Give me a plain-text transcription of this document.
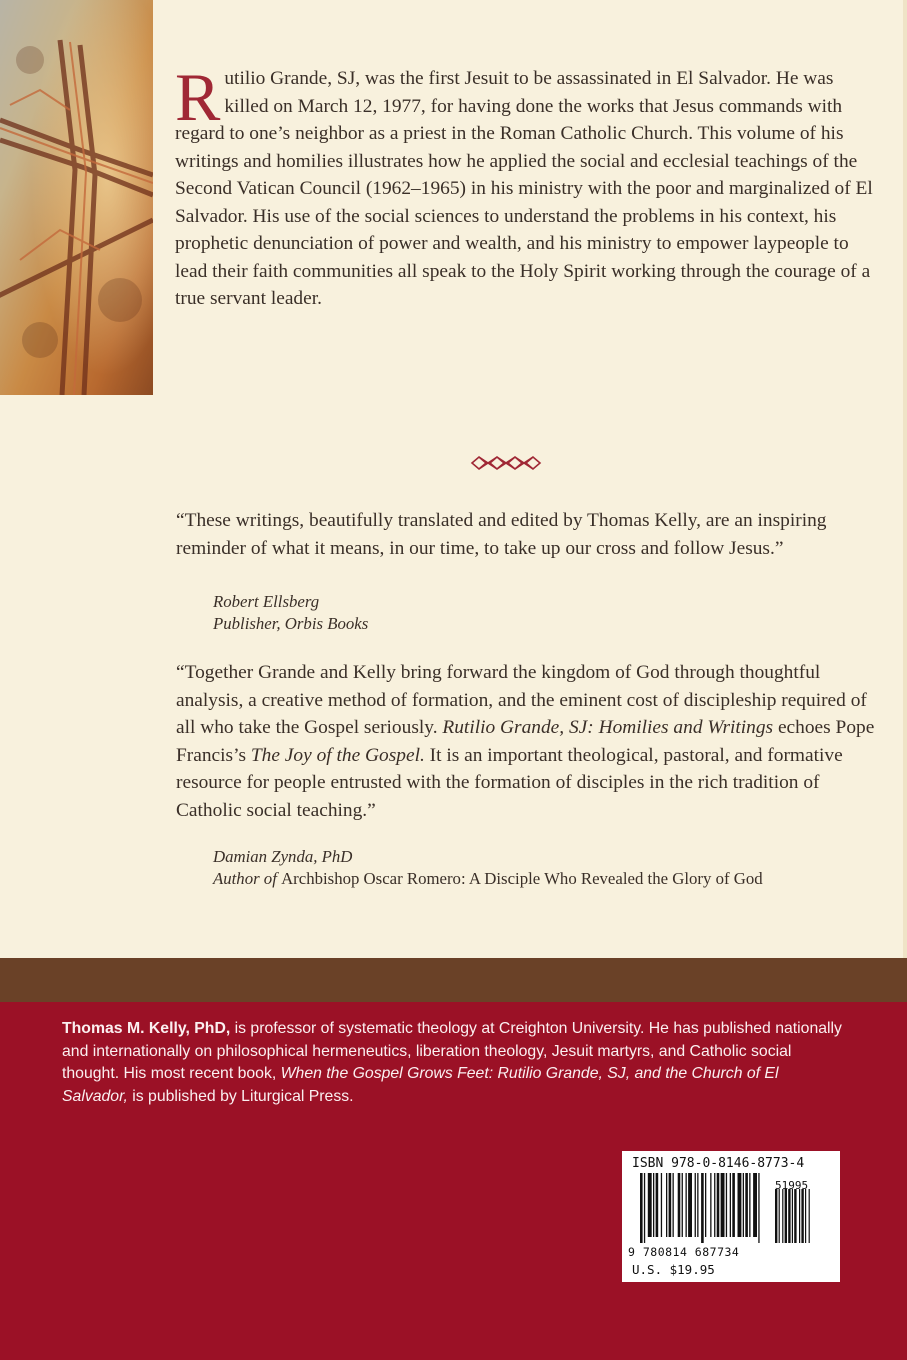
Rutilio Grande, SJ, was the first Jesuit to be assassinated in El Salvador. He was killed on March 12, 1977, for having done the works that Jesus commands with regard to one’s neighbor as a priest in the Roman Catholic Church. This volume of his writings and homilies illustrates how he applied the social and ecclesial teachings of the Second Vatican Council (1962–1965) in his ministry with the poor and marginalized of El Salvador. His use of the social sciences to understand the problems in his context, his prophetic denunciation of power and wealth, and his ministry to empower laypeople to lead their faith communities all speak to the Holy Spirit working through the courage of a true servant leader.
“These writings, beautifully translated and edited by Thomas Kelly, are an inspiring reminder of what it means, in our time, to take up our cross and follow Jesus.”
Robert Ellsberg
Publisher, Orbis Books
“Together Grande and Kelly bring forward the kingdom of God through thoughtful analysis, a creative method of formation, and the eminent cost of discipleship required of all who take the Gospel seriously. Rutilio Grande, SJ: Homilies and Writings echoes Pope Francis’s The Joy of the Gospel. It is an important theological, pastoral, and formative resource for people entrusted with the formation of disciples in the rich tradition of Catholic social teaching.”
Damian Zynda, PhD
Author of Archbishop Oscar Romero: A Disciple Who Revealed the Glory of God
Thomas M. Kelly, PhD, is professor of systematic theology at Creighton University. He has published nationally and internationally on philosophical hermeneutics, liberation theology, Jesuit martyrs, and Catholic social thought. His most recent book, When the Gospel Grows Feet: Rutilio Grande, SJ, and the Church of El Salvador, is published by Liturgical Press.
ISBN 978-0-8146-8773-4
51995
9 780814 687734
U.S. $19.95
